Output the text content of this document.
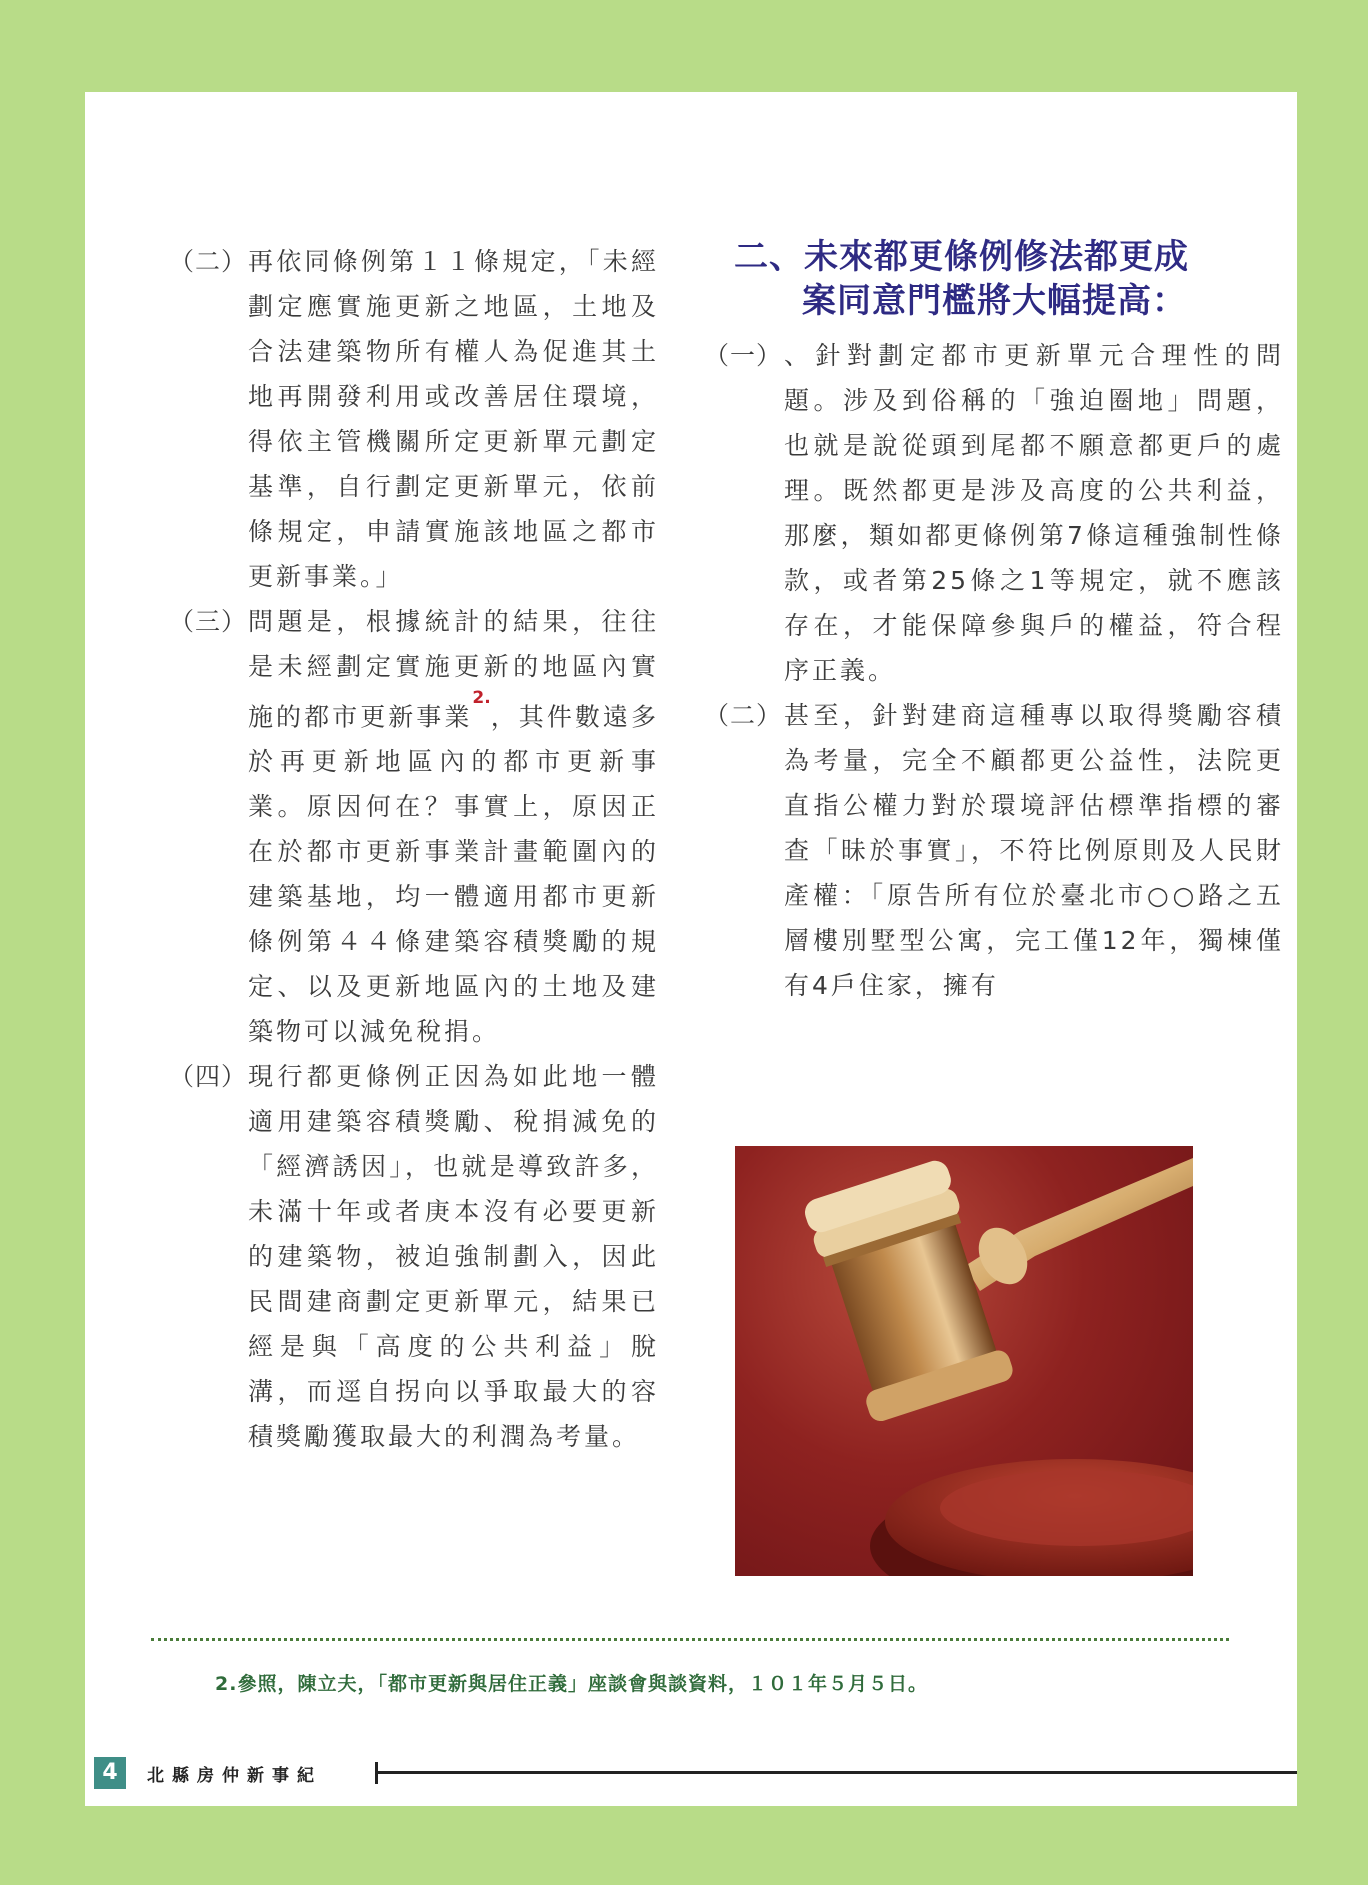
（二） 再依同條例第１１條規定，「未經劃定應實施更新之地區，土地及合法建築物所有權人為促進其土地再開發利用或改善居住環境，得依主管機關所定更新單元劃定基準，自行劃定更新單元，依前條規定，申請實施該地區之都市更新事業。」
（三） 問題是，根據統計的結果，往往是未經劃定實施更新的地區內實施的都市更新事業$^{2.}$，其件數遠多於再更新地區內的都市更新事業。原因何在？事實上，原因正在於都市更新事業計畫範圍內的建築基地，均一體適用都市更新條例第４４條建築容積獎勵的規定、以及更新地區內的土地及建築物可以減免稅捐。
（四） 現行都更條例正因為如此地一體適用建築容積獎勵、稅捐減免的「經濟誘因」，也就是導致許多，未滿十年或者庚本沒有必要更新的建築物，被迫強制劃入，因此民間建商劃定更新單元，結果已經是與「高度的公共利益」脫溝，而逕自拐向以爭取最大的容積獎勵獲取最大的利潤為考量。
二、未來都更條例修法都更成
案同意門檻將大幅提高：
（一） 、針對劃定都市更新單元合理性的問題。涉及到俗稱的「強迫圈地」問題，也就是說從頭到尾都不願意都更戶的處理。既然都更是涉及高度的公共利益，那麼，類如都更條例第7條這種強制性條款，或者第25條之1等規定，就不應該存在，才能保障參與戶的權益，符合程序正義。
（二） 甚至，針對建商這種專以取得獎勵容積為考量，完全不顧都更公益性，法院更直指公權力對於環境評估標準指標的審查「昧於事實」，不符比例原則及人民財產權：「原告所有位於臺北市○○路之五層樓別墅型公寓，完工僅12年，獨棟僅有4戶住家，擁有
2.參照，陳立夫，「都市更新與居住正義」座談會與談資料，１０１年５月５日。
4	北縣房仲新事紀
